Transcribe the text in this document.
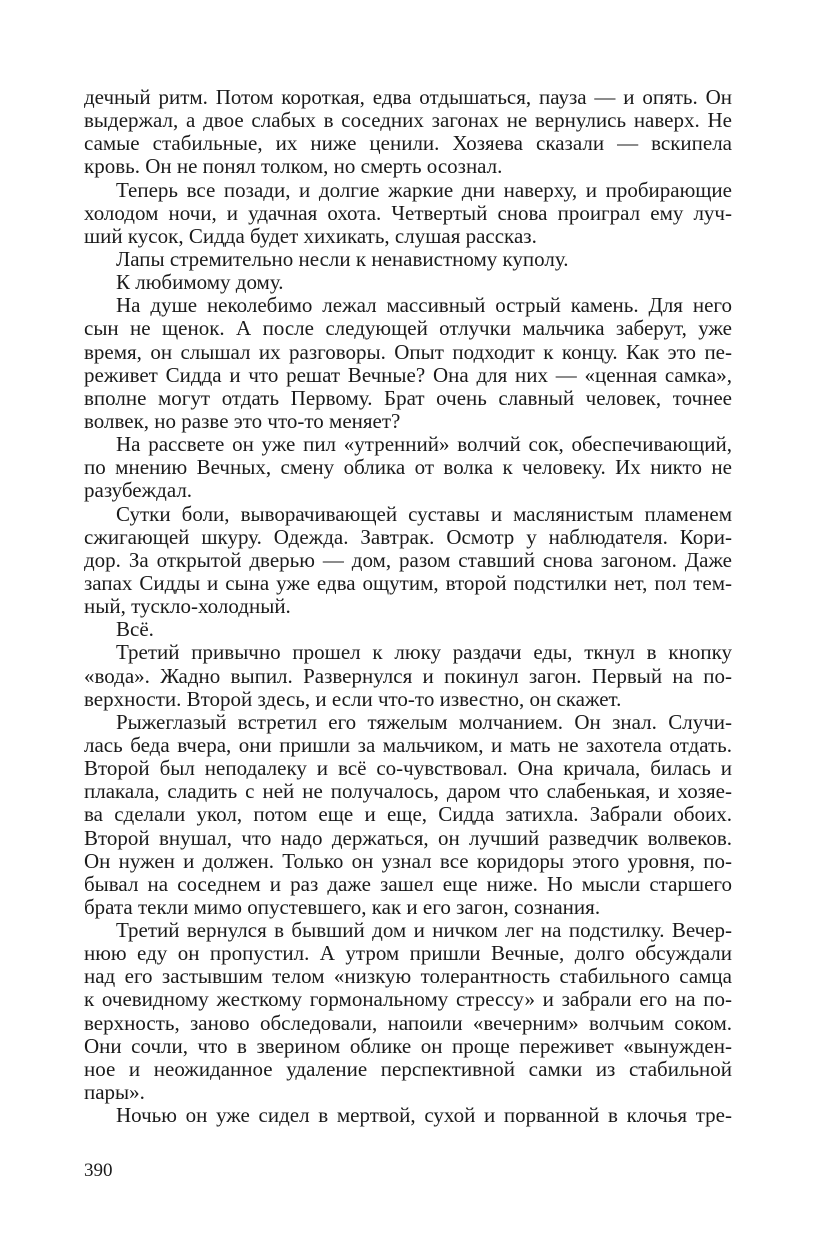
дечный ритм. Потом короткая, едва отдышаться, пауза — и опять. Он
выдержал, а двое слабых в соседних загонах не вернулись наверх. Не
самые стабильные, их ниже ценили. Хозяева сказали — вскипела
кровь. Он не понял толком, но смерть осознал.
Теперь все позади, и долгие жаркие дни наверху, и пробирающие
холодом ночи, и удачная охота. Четвертый снова проиграл ему луч-
ший кусок, Сидда будет хихикать, слушая рассказ.
Лапы стремительно несли к ненавистному куполу.
К любимому дому.
На душе неколебимо лежал массивный острый камень. Для него
сын не щенок. А после следующей отлучки мальчика заберут, уже
время, он слышал их разговоры. Опыт подходит к концу. Как это пе-
реживет Сидда и что решат Вечные? Она для них — «ценная самка»,
вполне могут отдать Первому. Брат очень славный человек, точнее
волвек, но разве это что-то меняет?
На рассвете он уже пил «утренний» волчий сок, обеспечивающий,
по мнению Вечных, смену облика от волка к человеку. Их никто не
разубеждал.
Сутки боли, выворачивающей суставы и маслянистым пламенем
сжигающей шкуру. Одежда. Завтрак. Осмотр у наблюдателя. Кори-
дор. За открытой дверью — дом, разом ставший снова загоном. Даже
запах Сидды и сына уже едва ощутим, второй подстилки нет, пол тем-
ный, тускло-холодный.
Всё.
Третий привычно прошел к люку раздачи еды, ткнул в кнопку
«вода». Жадно выпил. Развернулся и покинул загон. Первый на по-
верхности. Второй здесь, и если что-то известно, он скажет.
Рыжеглазый встретил его тяжелым молчанием. Он знал. Случи-
лась беда вчера, они пришли за мальчиком, и мать не захотела отдать.
Второй был неподалеку и всё со-чувствовал. Она кричала, билась и
плакала, сладить с ней не получалось, даром что слабенькая, и хозяе-
ва сделали укол, потом еще и еще, Сидда затихла. Забрали обоих.
Второй внушал, что надо держаться, он лучший разведчик волвеков.
Он нужен и должен. Только он узнал все коридоры этого уровня, по-
бывал на соседнем и раз даже зашел еще ниже. Но мысли старшего
брата текли мимо опустевшего, как и его загон, сознания.
Третий вернулся в бывший дом и ничком лег на подстилку. Вечер-
нюю еду он пропустил. А утром пришли Вечные, долго обсуждали
над его застывшим телом «низкую толерантность стабильного самца
к очевидному жесткому гормональному стрессу» и забрали его на по-
верхность, заново обследовали, напоили «вечерним» волчьим соком.
Они сочли, что в зверином облике он проще переживет «вынужден-
ное и неожиданное удаление перспективной самки из стабильной
пары».
Ночью он уже сидел в мертвой, сухой и порванной в клочья тре-
390
